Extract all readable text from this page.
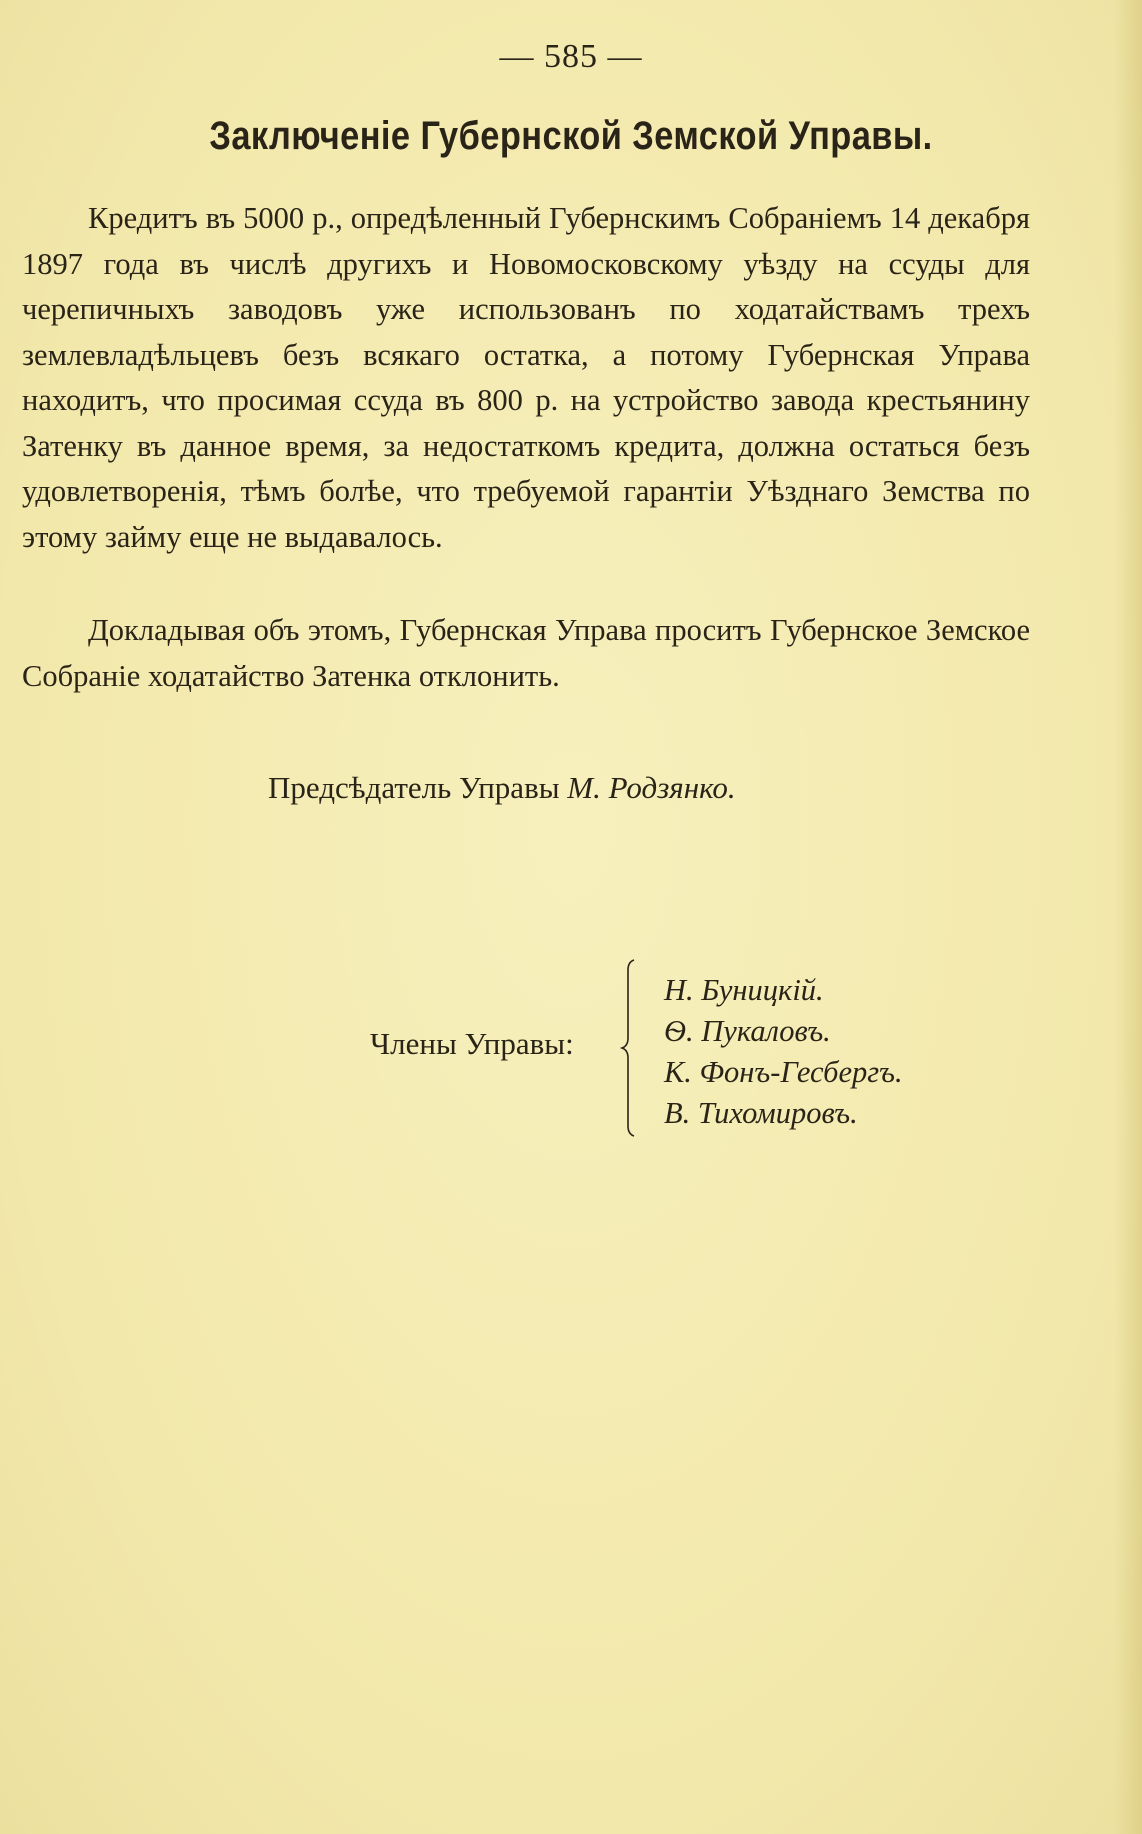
— 585 —
Заключеніе Губернской Земской Управы.

Кредитъ въ 5000 р., опредѣленный Губернскимъ Собраніемъ 14 декабря 1897 года въ числѣ другихъ и Новомосковскому уѣзду на ссуды для черепичныхъ заводовъ уже использованъ по ходатайствамъ трехъ землевладѣльцевъ безъ всякаго остатка, а потому Губернская Управа находитъ, что просимая ссуда въ 800 р. на устройство завода крестьянину Затенку въ данное время, за недостаткомъ кредита, должна остаться безъ удовлетворенія, тѣмъ болѣе, что требуемой гарантіи Уѣзднаго Земства по этому займу еще не выдавалось.

Докладывая объ этомъ, Губернская Управа проситъ Губернское Земское Собраніе ходатайство Затенка отклонить.

Предсѣдатель Управы М. Родзянко.
Члены Управы:
Н. Буницкій.
Ѳ. Пукаловъ.
К. Фонъ-Гесбергъ.
В. Тихомировъ.
